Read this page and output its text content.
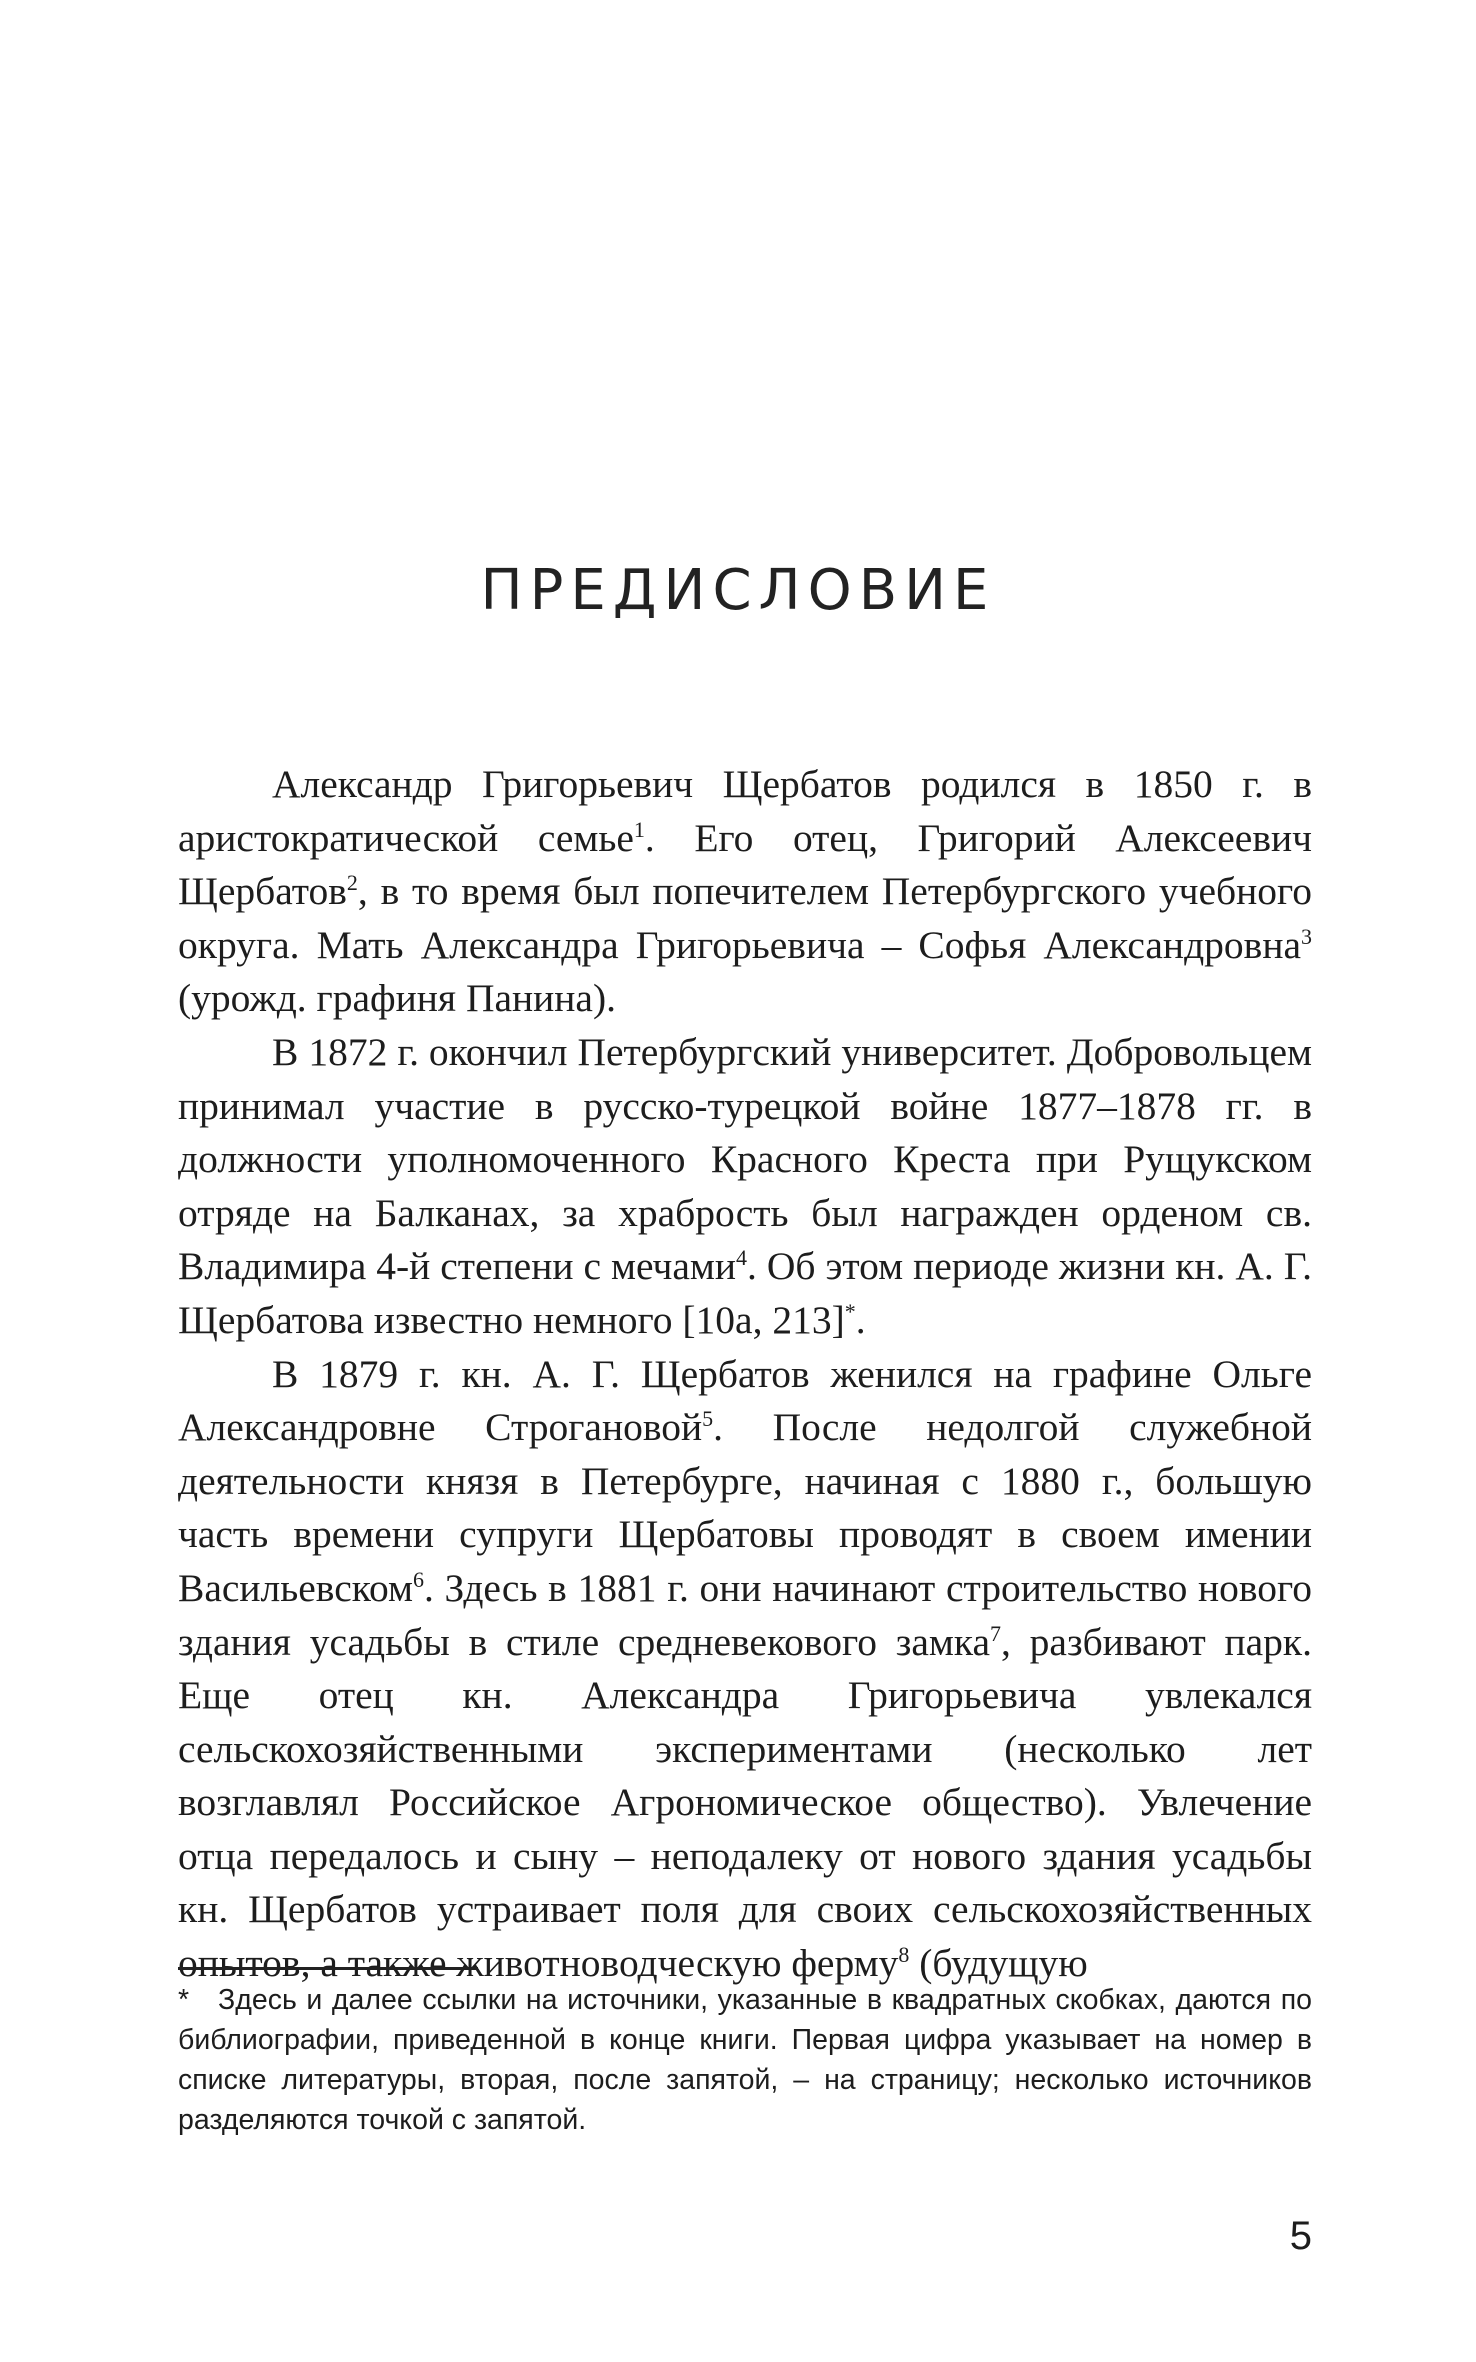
ПРЕДИСЛОВИЕ

Александр Григорьевич Щербатов родился в 1850 г. в аристократической семье$^1$. Его отец, Григорий Алексеевич Щербатов$^2$, в то время был попечителем Петербургского учебного округа. Мать Александра Григорьевича – Софья Александровна$^3$ (урожд. графиня Панина).

В 1872 г. окончил Петербургский университет. Добровольцем принимал участие в русско-турецкой войне 1877–1878 гг. в должности уполномоченного Красного Креста при Рущукском отряде на Балканах, за храбрость был награжден орденом св. Владимира 4-й степени с мечами$^4$. Об этом периоде жизни кн. А. Г. Щербатова известно немного [10а, 213]*.

В 1879 г. кн. А. Г. Щербатов женился на графине Ольге Александровне Строгановой$^5$. После недолгой служебной деятельности князя в Петербурге, начиная с 1880 г., большую часть времени супруги Щербатовы проводят в своем имении Васильевском$^6$. Здесь в 1881 г. они начинают строительство нового здания усадьбы в стиле средневекового замка$^7$, разбивают парк. Еще отец кн. Александра Григорьевича увлекался сельскохозяйственными экспериментами (несколько лет возглавлял Российское Агрономическое общество). Увлечение отца передалось и сыну – неподалеку от нового здания усадьбы кн. Щербатов устраивает поля для своих сельскохозяйственных опытов, а также животноводческую ферму$^8$ (будущую

* Здесь и далее ссылки на источники, указанные в квадратных скобках, даются по библиографии, приведенной в конце книги. Первая цифра указывает на номер в списке литературы, вторая, после запятой, – на страницу; несколько источников разделяются точкой с запятой.
5
